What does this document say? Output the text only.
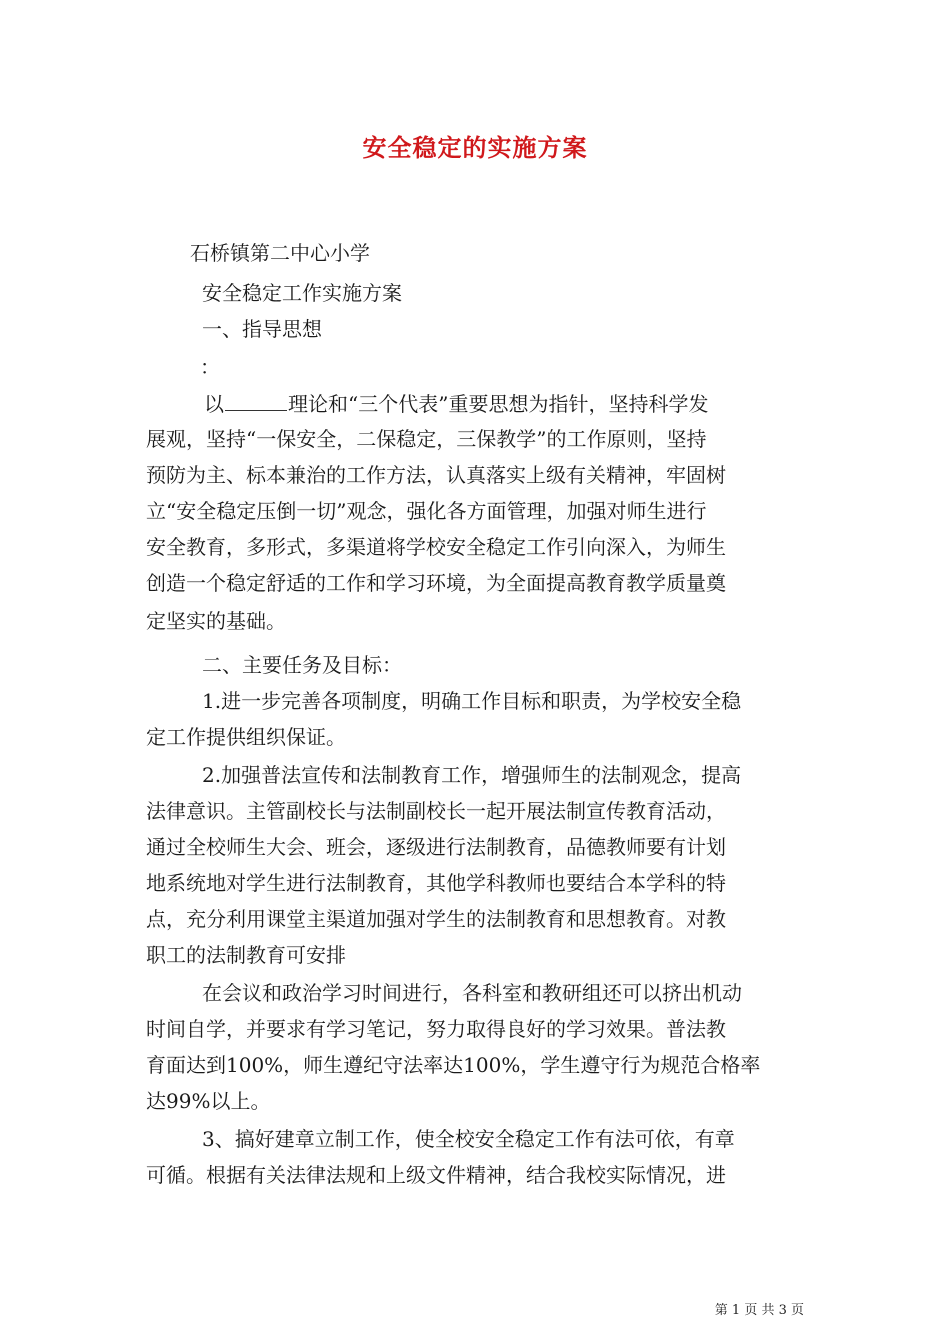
安全稳定的实施方案
石桥镇第二中心小学
安全稳定工作实施方案
一、指导思想
：
以	理论和“三个代表”重要思想为指针，坚持科学发
展观，坚持“一保安全，二保稳定，三保教学”的工作原则，坚持
预防为主、标本兼治的工作方法，认真落实上级有关精神，牢固树
立“安全稳定压倒一切”观念，强化各方面管理，加强对师生进行
安全教育，多形式，多渠道将学校安全稳定工作引向深入，为师生
创造一个稳定舒适的工作和学习环境，为全面提高教育教学质量奠
定坚实的基础。
二、主要任务及目标：
1.进一步完善各项制度，明确工作目标和职责，为学校安全稳
定工作提供组织保证。
2.加强普法宣传和法制教育工作，增强师生的法制观念，提高
法律意识。主管副校长与法制副校长一起开展法制宣传教育活动，
通过全校师生大会、班会，逐级进行法制教育，品德教师要有计划
地系统地对学生进行法制教育，其他学科教师也要结合本学科的特
点，充分利用课堂主渠道加强对学生的法制教育和思想教育。对教
职工的法制教育可安排
在会议和政治学习时间进行，各科室和教研组还可以挤出机动
时间自学，并要求有学习笔记，努力取得良好的学习效果。普法教
育面达到100%，师生遵纪守法率达100%，学生遵守行为规范合格率
达99%以上。
3、搞好建章立制工作，使全校安全稳定工作有法可依，有章
可循。根据有关法律法规和上级文件精神，结合我校实际情况，进
第 1 页 共 3 页
